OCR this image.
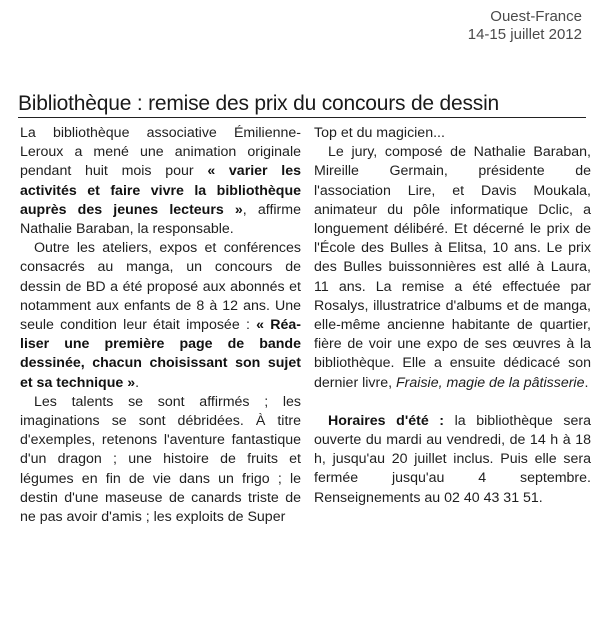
Ouest-France
14-15 juillet 2012
Bibliothèque : remise des prix du concours de dessin

La bibliothèque associative Émilienne-Leroux a mené une animation originale pendant huit mois pour « varier les activités et faire vivre la bibliothèque auprès des jeunes lecteurs », affirme Nathalie Baraban, la responsable.

Outre les ateliers, expos et conférences consacrés au manga, un concours de dessin de BD a été proposé aux abonnés et notamment aux enfants de 8 à 12 ans. Une seule condition leur était imposée : « Réaliser une première page de bande dessinée, chacun choisissant son sujet et sa technique ».

Les talents se sont affirmés ; les imaginations se sont débridées. À titre d'exemples, retenons l'aventure fantastique d'un dragon ; une histoire de fruits et légumes en fin de vie dans un frigo ; le destin d'une maseuse de canards triste de ne pas avoir d'amis ; les exploits de Super

Top et du magicien...

Le jury, composé de Nathalie Baraban, Mireille Germain, présidente de l'association Lire, et Davis Moukala, animateur du pôle informatique Dclic, a longuement délibéré. Et décerné le prix de l'École des Bulles à Elitsa, 10 ans. Le prix des Bulles buissonnières est allé à Laura, 11 ans. La remise a été effectuée par Rosalys, illustratrice d'albums et de manga, elle-même ancienne habitante de quartier, fière de voir une expo de ses œuvres à la bibliothèque. Elle a ensuite dédicacé son dernier livre, Fraisie, magie de la pâtisserie.

Horaires d'été : la bibliothèque sera ouverte du mardi au vendredi, de 14 h à 18 h, jusqu'au 20 juillet inclus. Puis elle sera fermée jusqu'au 4 septembre. Renseignements au 02 40 43 31 51.
